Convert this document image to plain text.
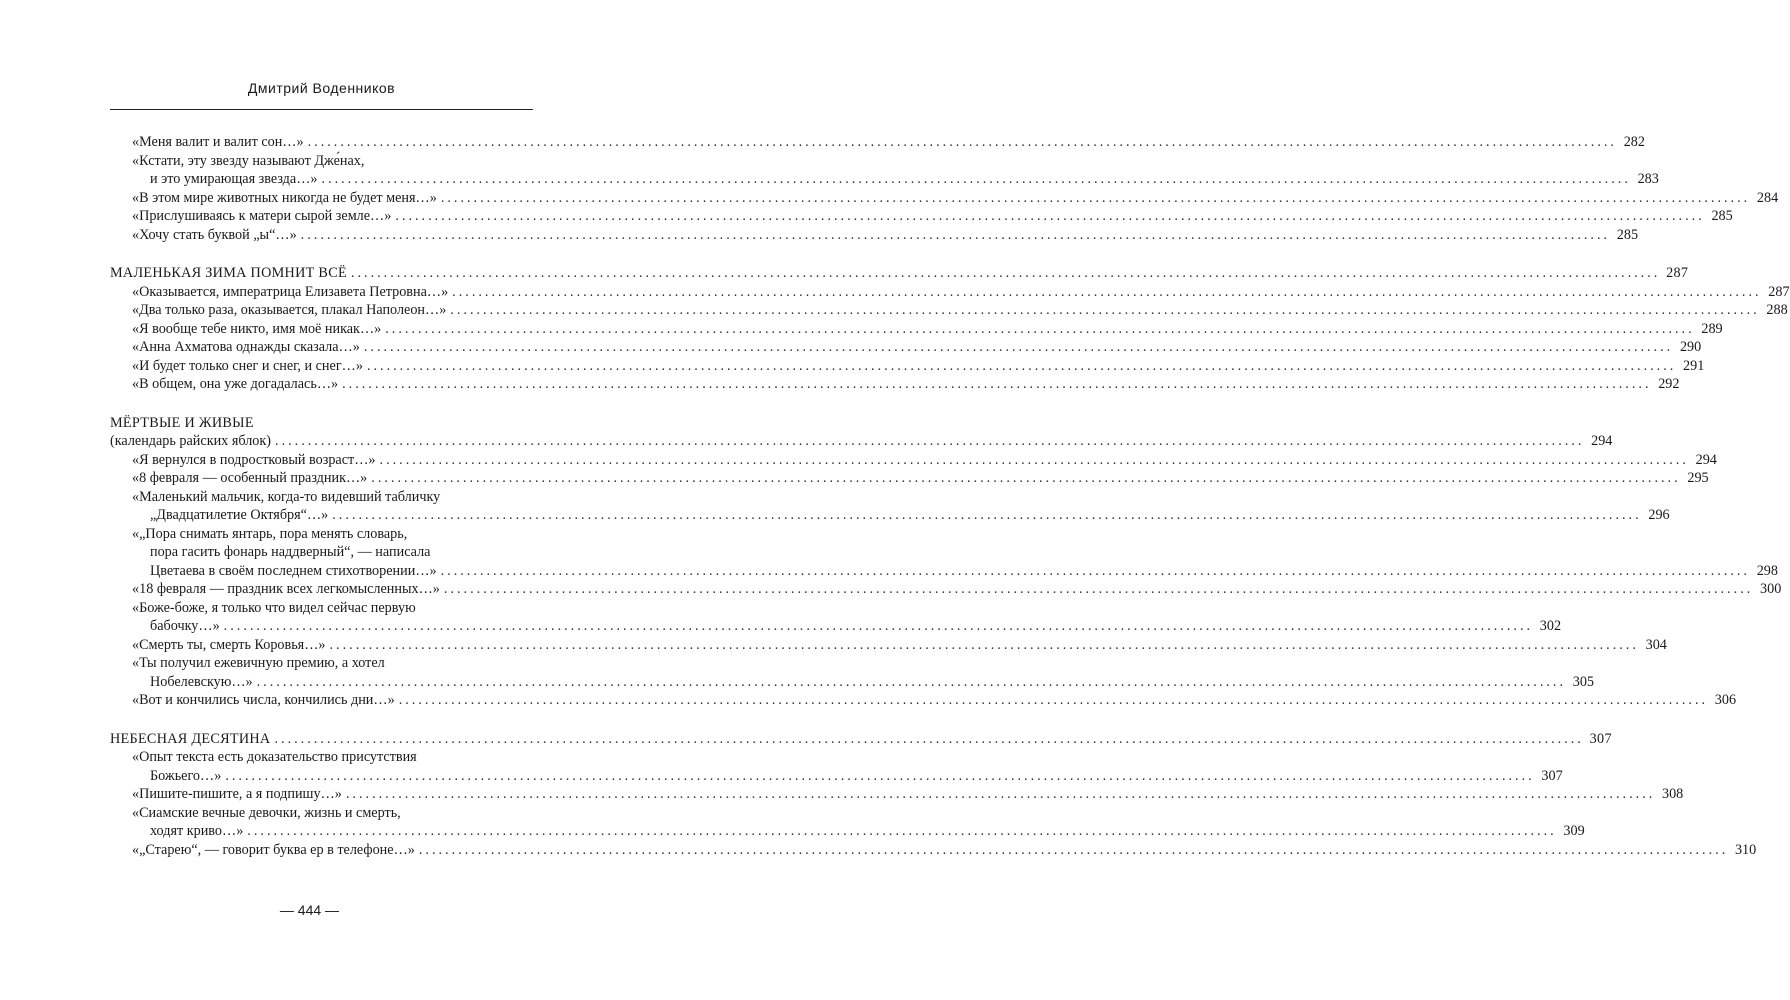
Дмитрий Воденников
«Меня валит и валит сон…» ........................................................................................................................................................................................................ 282
«Кстати, эту звезду называют Дже́нах,
и это умирающая звезда…» ........................................................................................................................................................................................................ 283
«В этом мире животных никогда не будет меня…» ........................................................................................................................................................................................................ 284
«Прислушиваясь к матери сырой земле…» ........................................................................................................................................................................................................ 285
«Хочу стать буквой „ы“…» ........................................................................................................................................................................................................ 285
МАЛЕНЬКАЯ ЗИМА ПОМНИТ ВСЁ ........................................................................................................................................................................................................ 287
«Оказывается, императрица Елизавета Петровна…» ........................................................................................................................................................................................................ 287
«Два только раза, оказывается, плакал Наполеон…» ........................................................................................................................................................................................................ 288
«Я вообще тебе никто, имя моё никак…» ........................................................................................................................................................................................................ 289
«Анна Ахматова однажды сказала…» ........................................................................................................................................................................................................ 290
«И будет только снег и снег, и снег…» ........................................................................................................................................................................................................ 291
«В общем, она уже догадалась…» ........................................................................................................................................................................................................ 292
МЁРТВЫЕ И ЖИВЫЕ
(календарь райских яблок) ........................................................................................................................................................................................................ 294
«Я вернулся в подростковый возраст…» ........................................................................................................................................................................................................ 294
«8 февраля — особенный праздник…» ........................................................................................................................................................................................................ 295
«Маленький мальчик, когда-то видевший табличку
„Двадцатилетие Октября“…» ........................................................................................................................................................................................................ 296
«„Пора снимать янтарь, пора менять словарь,
пора гасить фонарь наддверный“, — написала
Цветаева в своём последнем стихотворении…» ........................................................................................................................................................................................................ 298
«18 февраля — праздник всех легкомысленных…» ........................................................................................................................................................................................................ 300
«Боже-боже, я только что видел сейчас первую
бабочку…» ........................................................................................................................................................................................................ 302
«Смерть ты, смерть Коровья…» ........................................................................................................................................................................................................ 304
«Ты получил ежевичную премию, а хотел
Нобелевскую…» ........................................................................................................................................................................................................ 305
«Вот и кончились числа, кончились дни…» ........................................................................................................................................................................................................ 306
НЕБЕСНАЯ ДЕСЯТИНА ........................................................................................................................................................................................................ 307
«Опыт текста есть доказательство присутствия
Божьего…» ........................................................................................................................................................................................................ 307
«Пишите-пишите, а я подпишу…» ........................................................................................................................................................................................................ 308
«Сиамские вечные девочки, жизнь и смерть,
ходят криво…» ........................................................................................................................................................................................................ 309
«„Старею“, — говорит буква ер в телефоне…» ........................................................................................................................................................................................................ 310
— 444 —
